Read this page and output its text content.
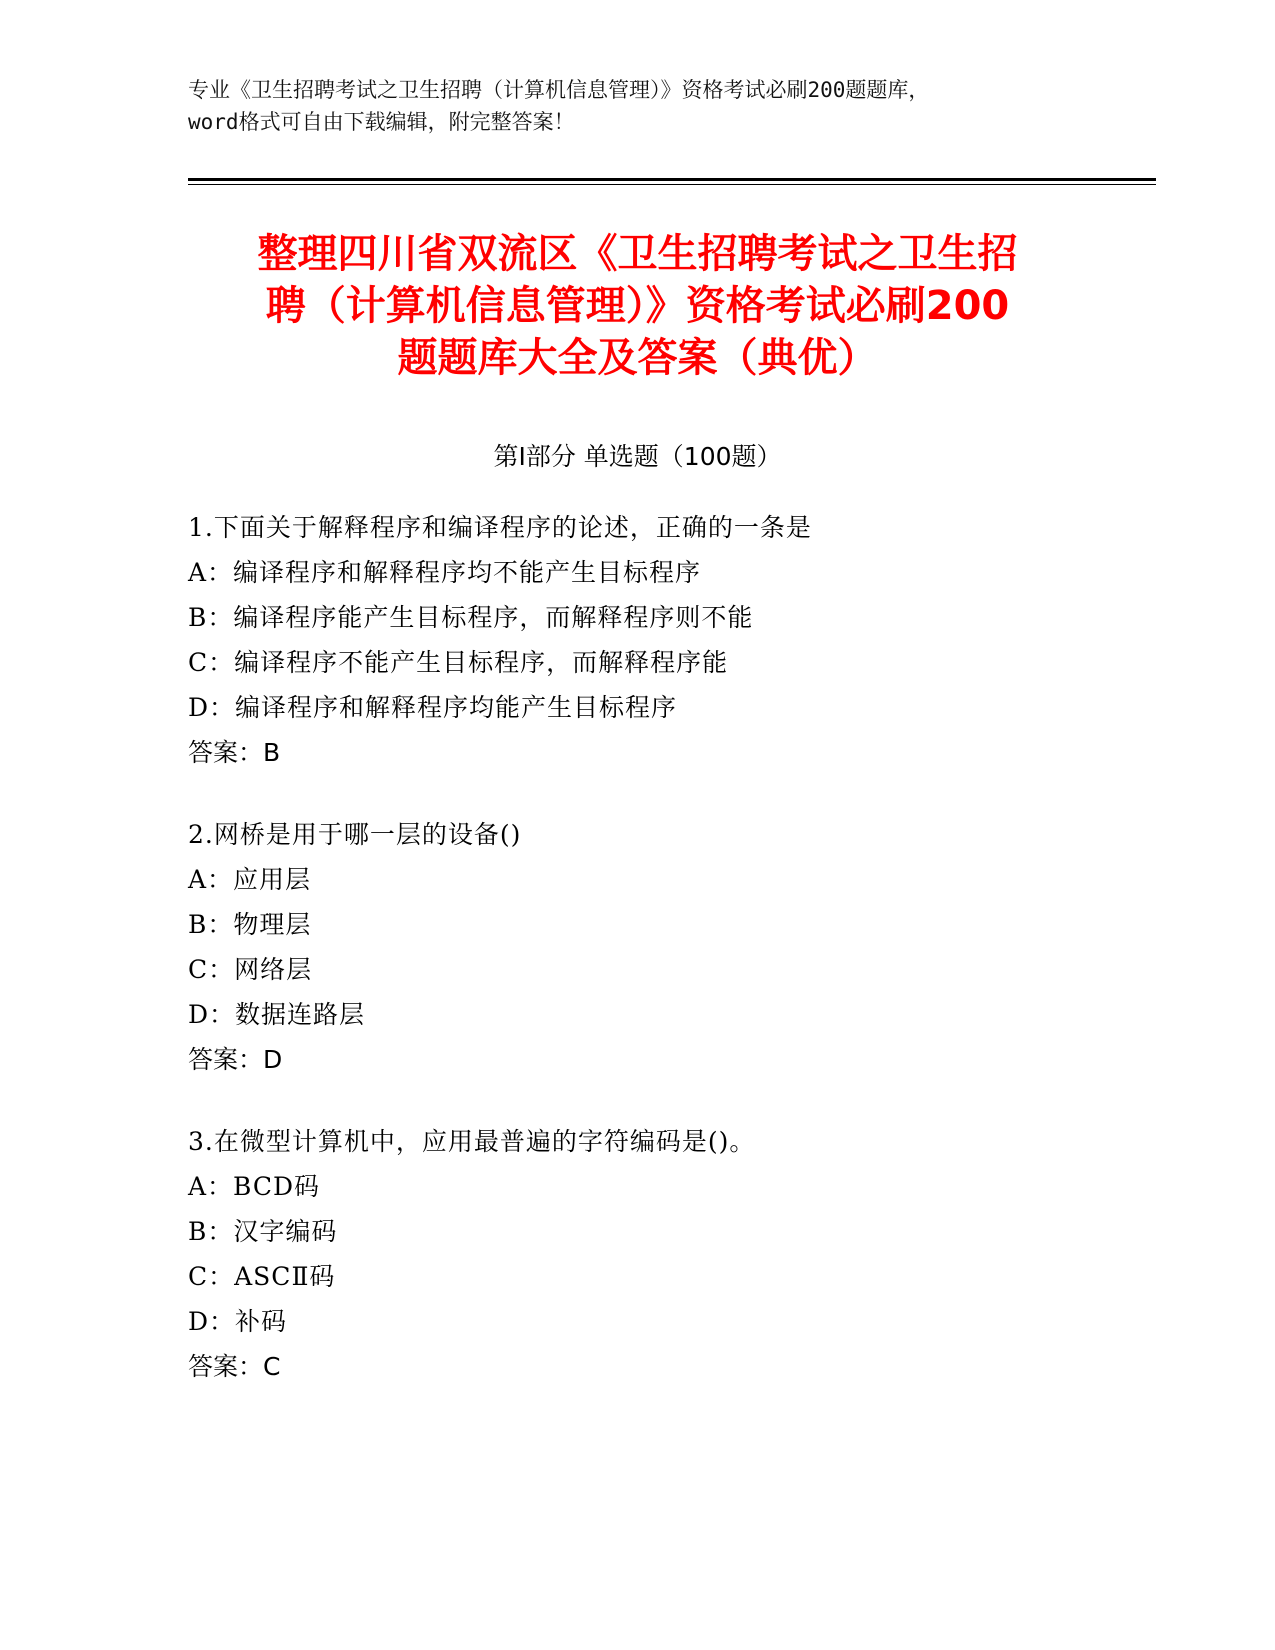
专业《卫生招聘考试之卫生招聘（计算机信息管理）》资格考试必刷200题题库，
word格式可自由下载编辑，附完整答案！
整理四川省双流区《卫生招聘考试之卫生招
聘（计算机信息管理）》资格考试必刷200
题题库大全及答案（典优）
第Ⅰ部分 单选题（100题）
1.下面关于解释程序和编译程序的论述，正确的一条是
A：编译程序和解释程序均不能产生目标程序
B：编译程序能产生目标程序，而解释程序则不能
C：编译程序不能产生目标程序，而解释程序能
D：编译程序和解释程序均能产生目标程序
答案：B
2.网桥是用于哪一层的设备()
A：应用层
B：物理层
C：网络层
D：数据连路层
答案：D
3.在微型计算机中，应用最普遍的字符编码是()。
A：BCD码
B：汉字编码
C：ASCⅡ码
D：补码
答案：C
